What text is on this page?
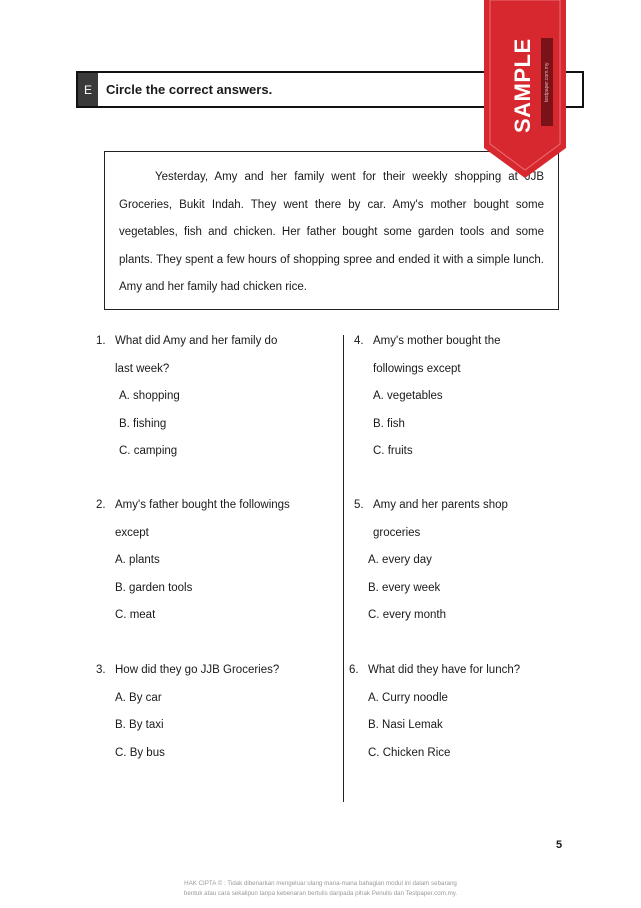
E	Circle the correct answers.

Yesterday, Amy and her family went for their weekly shopping at JJB Groceries, Bukit Indah. They went there by car. Amy's mother bought some vegetables, fish and chicken. Her father bought some garden tools and some plants. They spent a few hours of shopping spree and ended it with a simple lunch. Amy and her family had chicken rice.

1. What did Amy and her family do
last week?
A. shopping
B. fishing
C. camping
2. Amy's father bought the followings
except
A. plants
B. garden tools
C. meat
3. How did they go JJB Groceries?
A. By car
B. By taxi
C. By bus
4. Amy's mother bought the
followings except
A. vegetables
B. fish
C. fruits
5. Amy and her parents shop
groceries
A. every day
B. every week
C. every month
6. What did they have for lunch?
A. Curry noodle
B. Nasi Lemak
C. Chicken Rice
5
HAK CIPTA © : Tidak dibenarkan mengeluar ulang mana-mana bahagian modul ini dalam sebarang
bentuk atau cara sekalipun tanpa kebenaran bertulis daripada pihak Penulis dan Testpaper.com.my.
SAMPLE	testpaper.com.my
